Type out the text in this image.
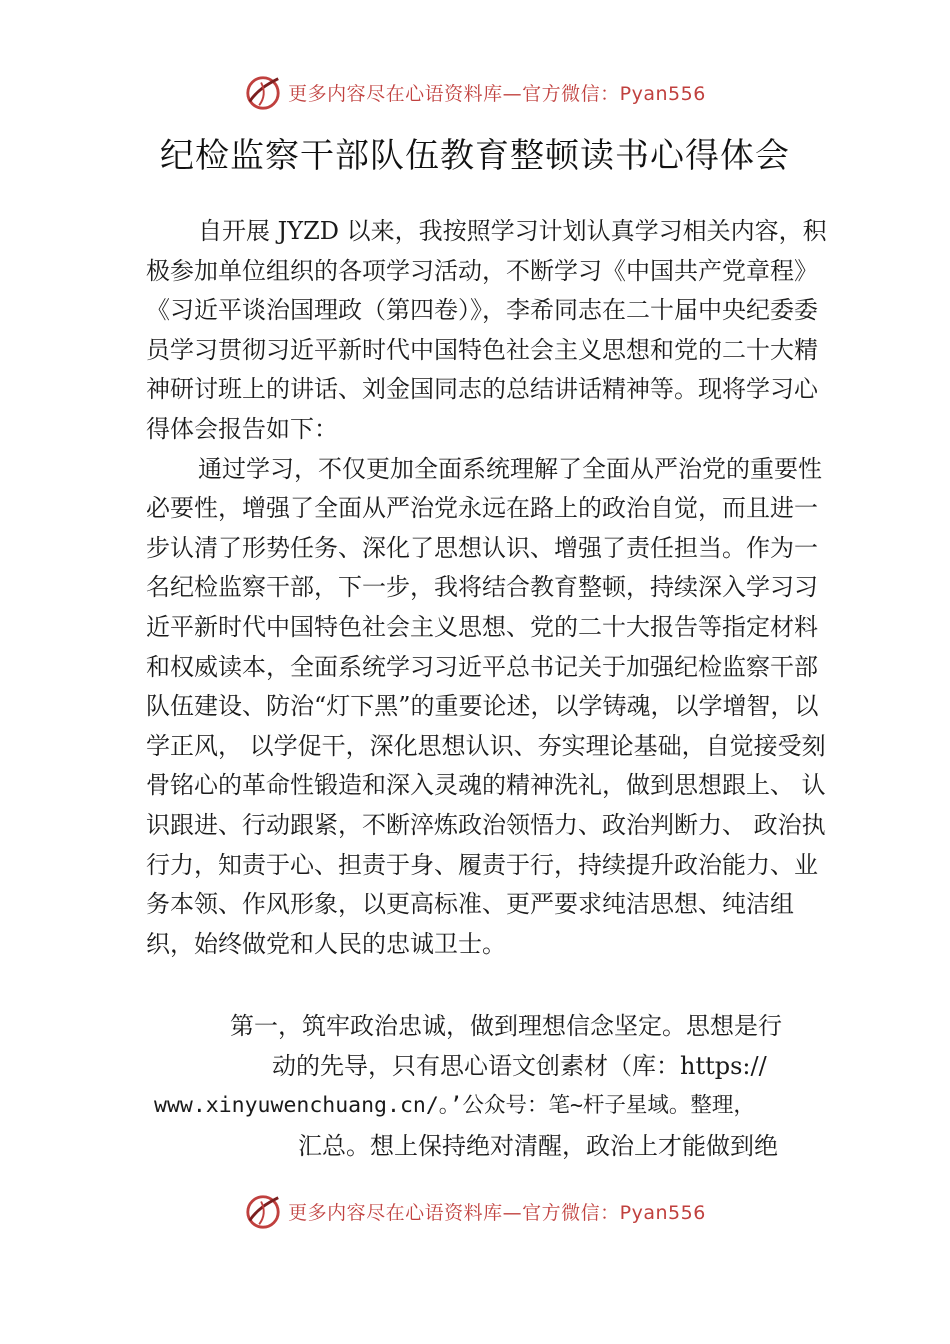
更多内容尽在心语资料库—官方微信：Pyan556
纪检监察干部队伍教育整顿读书心得体会

自开展 JYZD 以来，我按照学习计划认真学习相关内容，积极参加单位组织的各项学习活动，不断学习《中国共产党章程》《习近平谈治国理政（第四卷）》，李希同志在二十届中央纪委委员学习贯彻习近平新时代中国特色社会主义思想和党的二十大精神研讨班上的讲话、刘金国同志的总结讲话精神等。现将学习心得体会报告如下：

通过学习，不仅更加全面系统理解了全面从严治党的重要性必要性，增强了全面从严治党永远在路上的政治自觉，而且进一步认清了形势任务、深化了思想认识、增强了责任担当。作为一名纪检监察干部，下一步，我将结合教育整顿，持续深入学习习近平新时代中国特色社会主义思想、党的二十大报告等指定材料和权威读本，全面系统学习习近平总书记关于加强纪检监察干部队伍建设、防治“灯下黑”的重要论述，以学铸魂，以学增智，以学正风， 以学促干，深化思想认识、夯实理论基础，自觉接受刻骨铭心的革命性锻造和深入灵魂的精神洗礼，做到思想跟上、 认识跟进、行动跟紧，不断淬炼政治领悟力、政治判断力、 政治执行力，知责于心、担责于身、履责于行，持续提升政治能力、业务本领、作风形象，以更高标准、更严要求纯洁思想、纯洁组织，始终做党和人民的忠诚卫士。

第一，筑牢政治忠诚，做到理想信念坚定。思想是行

动的先导，只有思心语文创素材（库：https://

www.xinyuwenchuang.cn/。’公众号：笔~杆子星域。整理，

汇总。想上保持绝对清醒，政治上才能做到绝

更多内容尽在心语资料库—官方微信：Pyan556
